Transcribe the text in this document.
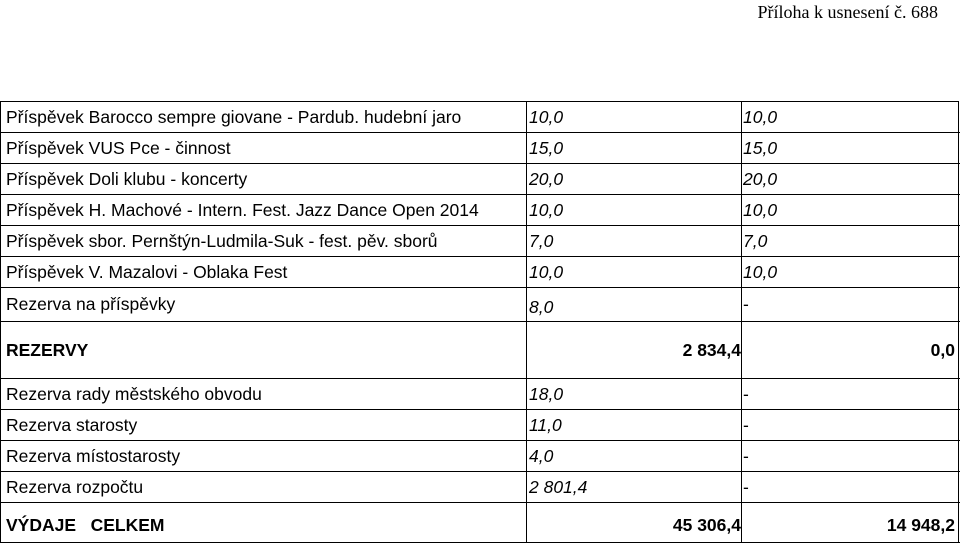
Příloha k usnesení č. 688
Příspěvek Barocco sempre giovane - Pardub. hudební jaro	10,0	10,0
Příspěvek VUS Pce - činnost	15,0	15,0
Příspěvek Doli klubu - koncerty	20,0	20,0
Příspěvek H. Machové - Intern. Fest. Jazz Dance Open 2014	10,0	10,0
Příspěvek sbor. Pernštýn-Ludmila-Suk - fest. pěv. sborů	7,0	7,0
Příspěvek V. Mazalovi - Oblaka Fest	10,0	10,0
Rezerva na příspěvky	8,0	-
REZERVY	2 834,4	0,0
Rezerva rady městského obvodu	18,0	-
Rezerva starosty	11,0	-
Rezerva místostarosty	4,0	-
Rezerva rozpočtu	2 801,4	-
VÝDAJE   CELKEM	45 306,4	14 948,2
